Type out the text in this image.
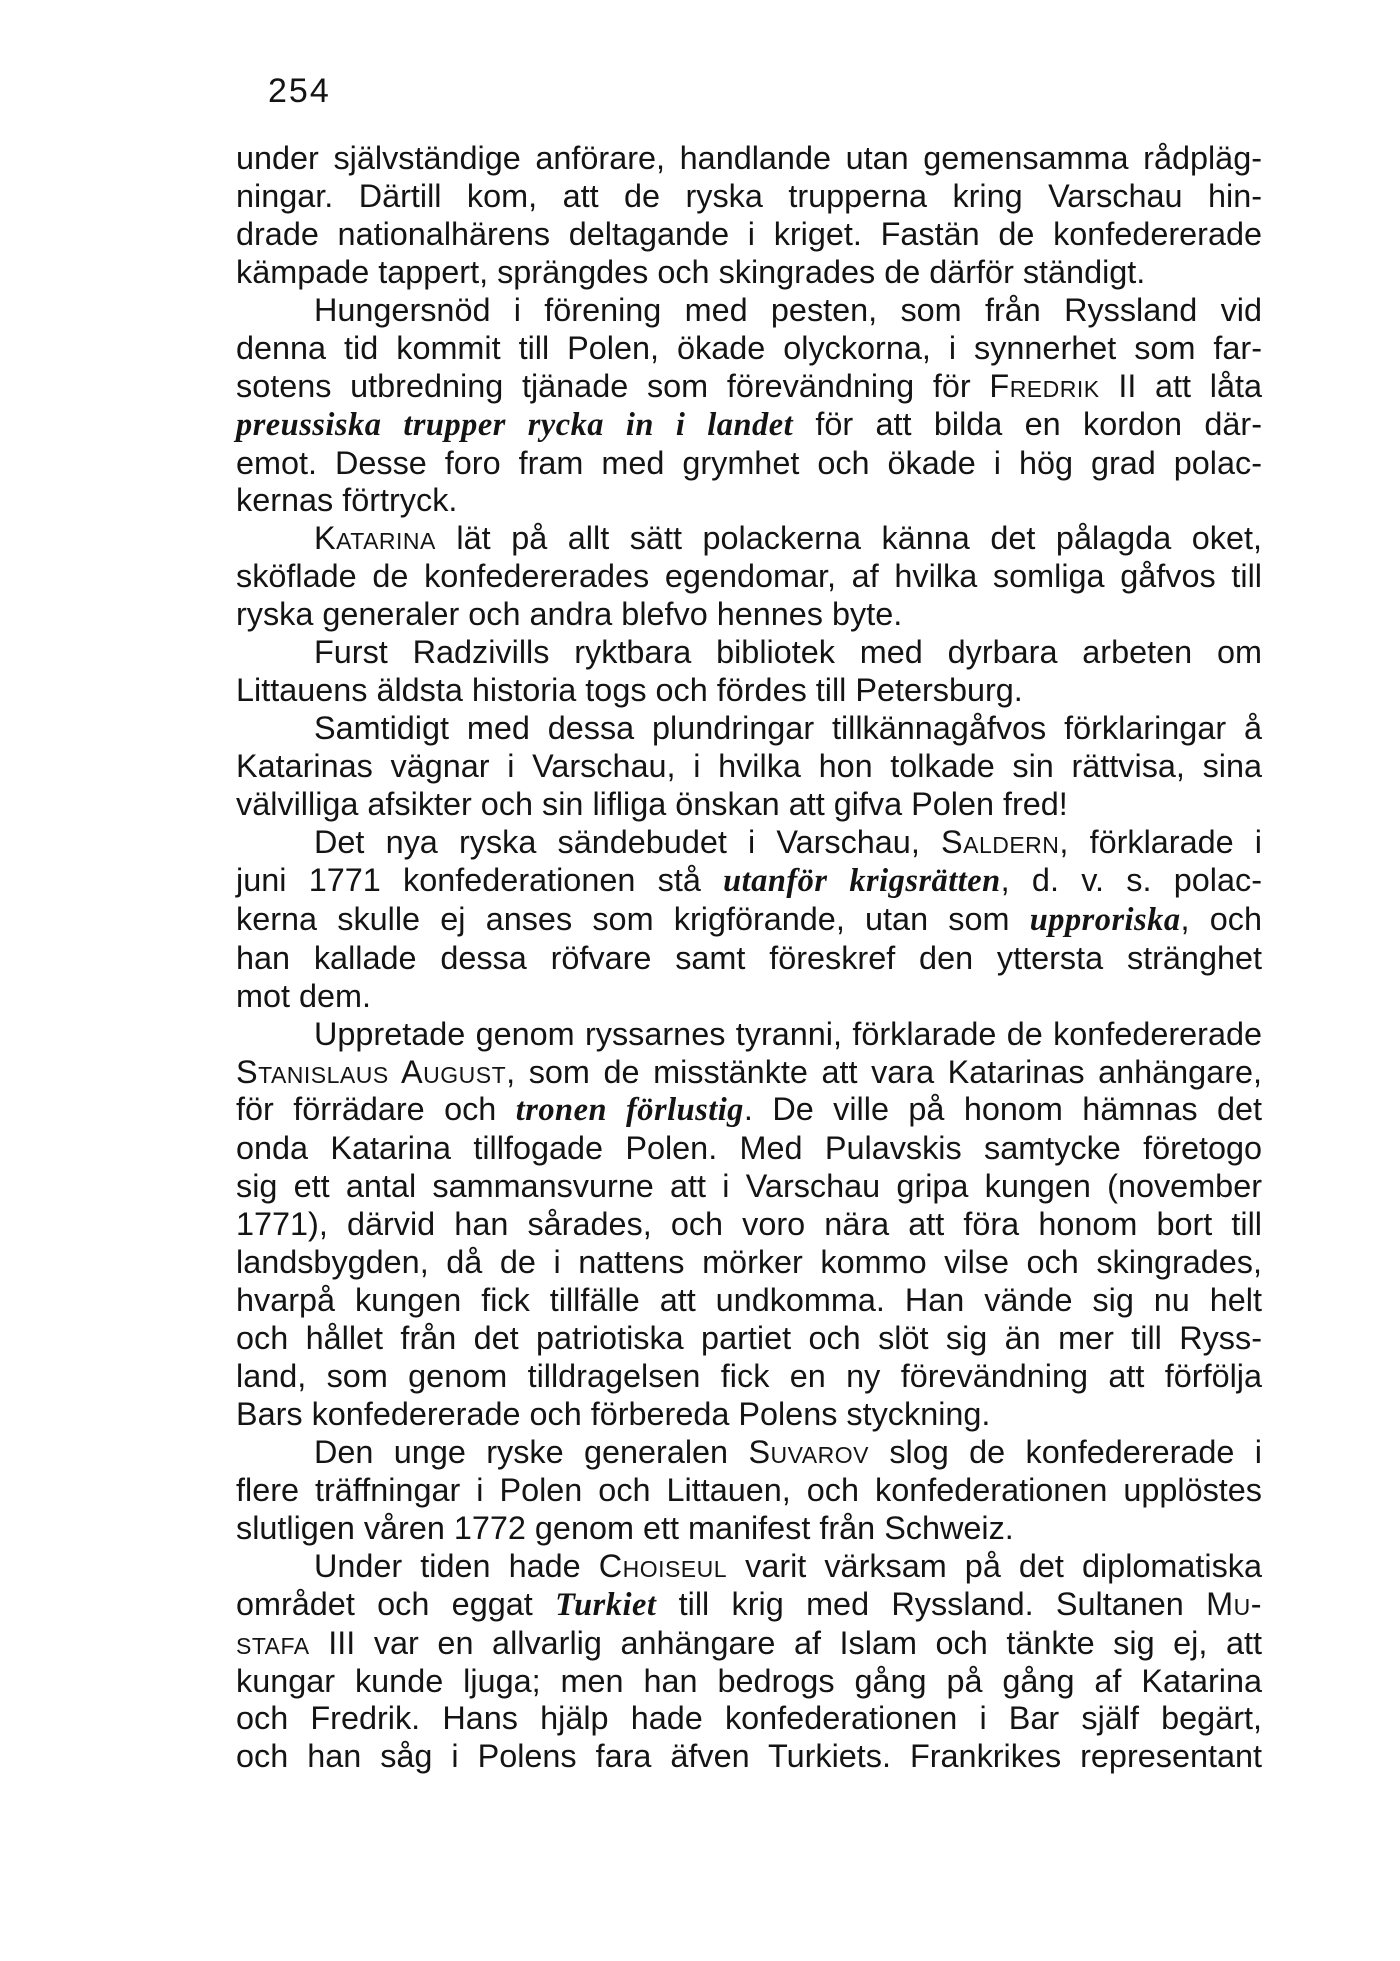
254
under självständige anförare, handlande utan gemensamma rådpläg-
ningar. Därtill kom, att de ryska trupperna kring Varschau hin-
drade nationalhärens deltagande i kriget. Fastän de konfedererade
kämpade tappert, sprängdes och skingrades de därför ständigt.
Hungersnöd i förening med pesten, som från Ryssland vid
denna tid kommit till Polen, ökade olyckorna, i synnerhet som far-
sotens utbredning tjänade som förevändning för Fredrik II att låta
preussiska trupper rycka in i landet för att bilda en kordon där-
emot. Desse foro fram med grymhet och ökade i hög grad polac-
kernas förtryck.
Katarina lät på allt sätt polackerna känna det pålagda oket,
sköflade de konfedererades egendomar, af hvilka somliga gåfvos till
ryska generaler och andra blefvo hennes byte.
Furst Radzivills ryktbara bibliotek med dyrbara arbeten om
Littauens äldsta historia togs och fördes till Petersburg.
Samtidigt med dessa plundringar tillkännagåfvos förklaringar å
Katarinas vägnar i Varschau, i hvilka hon tolkade sin rättvisa, sina
välvilliga afsikter och sin lifliga önskan att gifva Polen fred!
Det nya ryska sändebudet i Varschau, Saldern, förklarade i
juni 1771 konfederationen stå utanför krigsrätten, d. v. s. polac-
kerna skulle ej anses som krigförande, utan som upproriska, och
han kallade dessa röfvare samt föreskref den yttersta stränghet
mot dem.
Uppretade genom ryssarnes tyranni, förklarade de konfedererade
Stanislaus August, som de misstänkte att vara Katarinas anhängare,
för förrädare och tronen förlustig. De ville på honom hämnas det
onda Katarina tillfogade Polen. Med Pulavskis samtycke företogo
sig ett antal sammansvurne att i Varschau gripa kungen (november
1771), därvid han sårades, och voro nära att föra honom bort till
landsbygden, då de i nattens mörker kommo vilse och skingrades,
hvarpå kungen fick tillfälle att undkomma. Han vände sig nu helt
och hållet från det patriotiska partiet och slöt sig än mer till Ryss-
land, som genom tilldragelsen fick en ny förevändning att förfölja
Bars konfedererade och förbereda Polens styckning.
Den unge ryske generalen Suvarov slog de konfedererade i
flere träffningar i Polen och Littauen, och konfederationen upplöstes
slutligen våren 1772 genom ett manifest från Schweiz.
Under tiden hade Choiseul varit värksam på det diplomatiska
området och eggat Turkiet till krig med Ryssland. Sultanen Mu-
stafa III var en allvarlig anhängare af Islam och tänkte sig ej, att
kungar kunde ljuga; men han bedrogs gång på gång af Katarina
och Fredrik. Hans hjälp hade konfederationen i Bar själf begärt,
och han såg i Polens fara äfven Turkiets. Frankrikes representant
